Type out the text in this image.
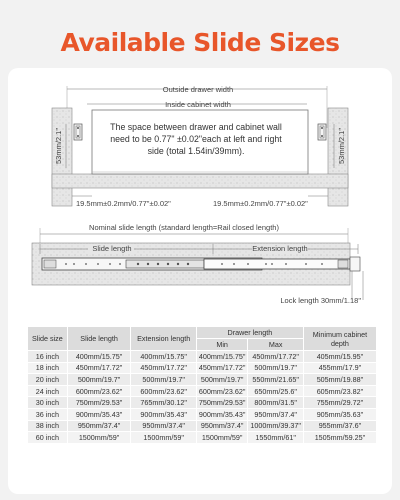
Available Slide Sizes
Outside drawer width
Inside cabinet width
53mm/2.1"	53mm/2.1"
19.5mm±0.2mm/0.77"±0.02"	19.5mm±0.2mm/0.77"±0.02"
Nominal slide length (standard length=Rail closed length)
Slide length	Extension length
Lock length 30mm/1.18"
The space between drawer and cabinet wall need to be 0.77" ±0.02"each at left and right side (total 1.54in/39mm).
Slide size	Slide length	Extension length	Drawer length		Minimum cabinet depth
			Min	Max	
16 inch	400mm/15.75"	400mm/15.75"	400mm/15.75"	450mm/17.72"	405mm/15.95"
18 inch	450mm/17.72"	450mm/17.72"	450mm/17.72"	500mm/19.7"	455mm/17.9"
20 inch	500mm/19.7"	500mm/19.7"	500mm/19.7"	550mm/21.65"	505mm/19.88"
24 inch	600mm/23.62"	600mm/23.62"	600mm/23.62"	650mm/25.6"	605mm/23.82"
30 inch	750mm/29.53"	765mm/30.12"	750mm/29.53"	800mm/31.5"	755mm/29.72"
36 inch	900mm/35.43"	900mm/35.43"	900mm/35.43"	950mm/37.4"	905mm/35.63"
38 inch	950mm/37.4"	950mm/37.4"	950mm/37.4"	1000mm/39.37"	955mm/37.6"
60 inch	1500mm/59"	1500mm/59"	1500mm/59"	1550mm/61"	1505mm/59.25"
